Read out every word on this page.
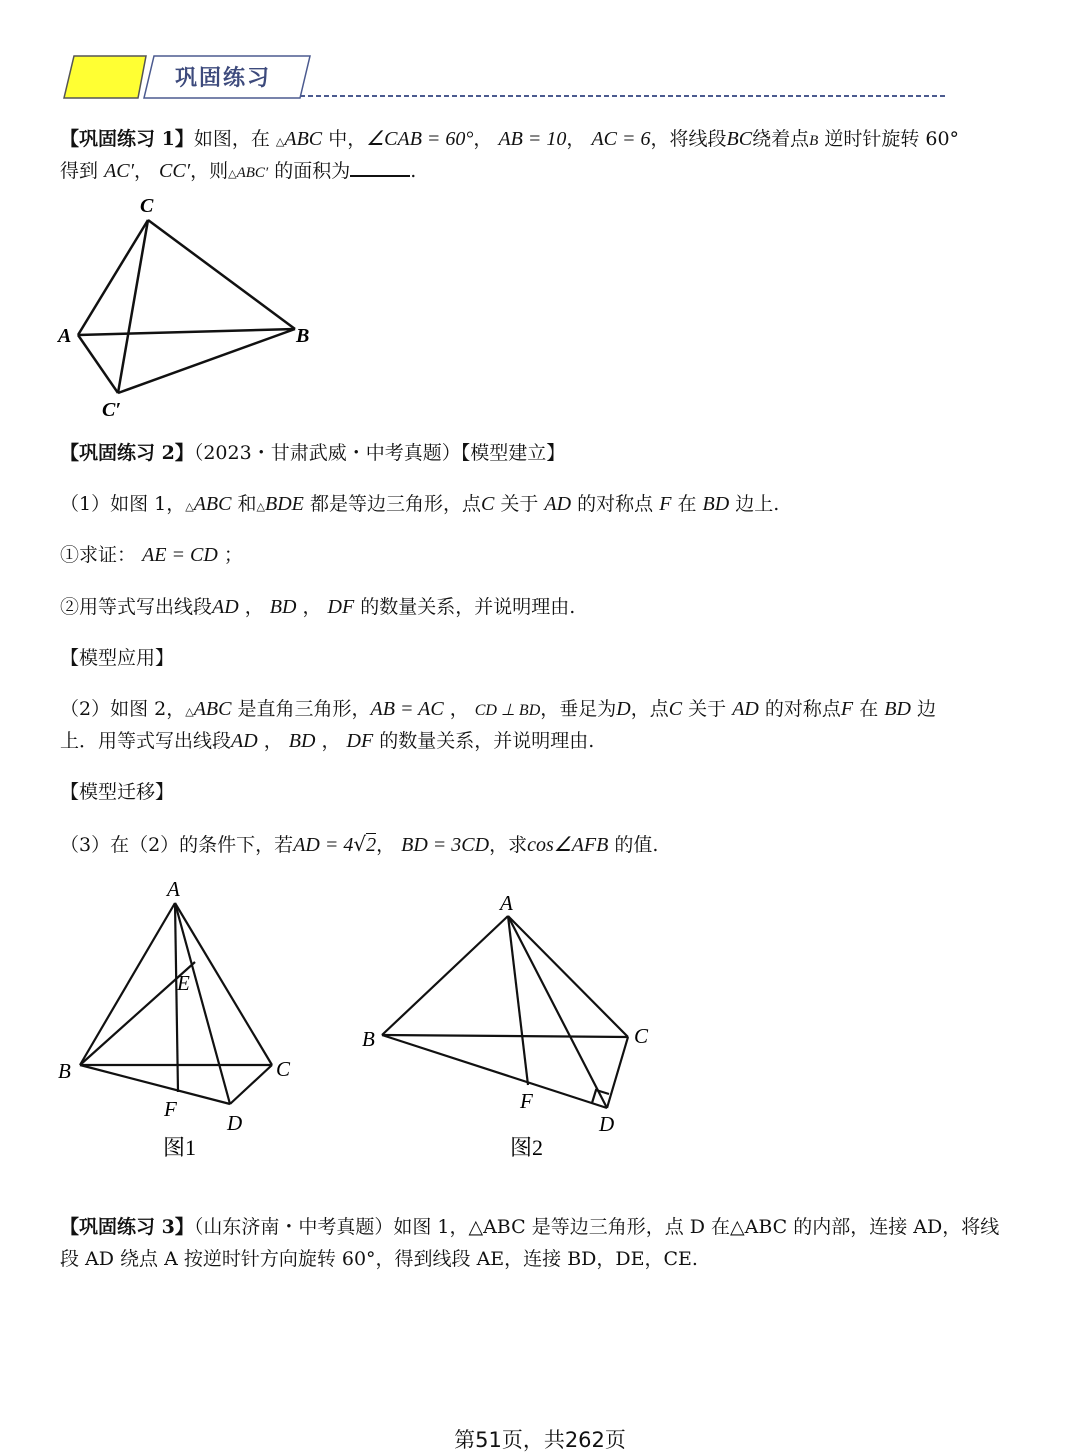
巩固练习
【巩固练习 1】如图，在 △ABC 中，∠CAB = 60°， AB = 10， AC = 6，将线段BC绕着点B 逆时针旋转 60°
得到 AC′， CC′，则△ABC′ 的面积为	.
C
A	B
C′
【巩固练习 2】（2023・甘肃武威・中考真题）【模型建立】
（1）如图 1，△ABC 和△BDE 都是等边三角形，点C 关于 AD 的对称点 F 在 BD 边上.
①求证： AE = CD ；
②用等式写出线段AD ， BD ， DF 的数量关系，并说明理由.
【模型应用】
（2）如图 2，△ABC 是直角三角形，AB = AC ， CD ⊥ BD，垂足为D，点C 关于 AD 的对称点F 在 BD 边
上．用等式写出线段AD ， BD ， DF 的数量关系，并说明理由.
【模型迁移】
（3）在（2）的条件下，若AD = 4√2， BD = 3CD，求cos∠AFB 的值.
A
E
B	C
F
D
图1
A
B	C
F
D
图2
【巩固练习 3】（山东济南・中考真题）如图 1，△ABC 是等边三角形，点 D 在△ABC 的内部，连接 AD，将线
段 AD 绕点 A 按逆时针方向旋转 60°，得到线段 AE，连接 BD，DE，CE.
第51页，共262页
